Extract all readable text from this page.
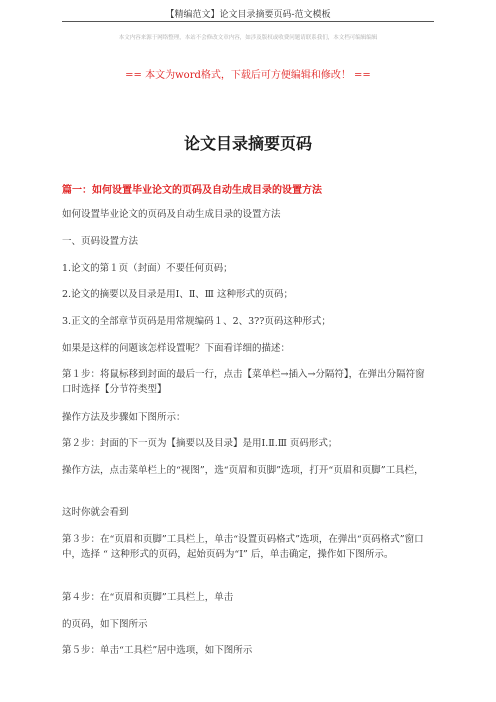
【精编范文】论文目录摘要页码-范文模板
本文内容来源于网络整理，本站不会修改文章内容，如涉及版权或收费问题请联系我们，本文档可编辑编辑
== 本文为word格式，下载后可方便编辑和修改！ ==
论文目录摘要页码
篇一：如何设置毕业论文的页码及自动生成目录的设置方法
如何设置毕业论文的页码及自动生成目录的设置方法
一、页码设置方法
1.论文的第１页（封面）不要任何页码；
2.论文的摘要以及目录是用Ⅰ、Ⅱ、Ⅲ 这种形式的页码；
3.正文的全部章节页码是用常规编码１、2、3??页码这种形式；
如果是这样的问题该怎样设置呢？下面看详细的描述：
第１步：将鼠标移到封面的最后一行，点击【菜单栏→插入→分隔符】，在弹出分隔符窗口时选择【分节符类型】
操作方法及步骤如下图所示：
第２步：封面的下一页为【摘要以及目录】是用Ⅰ.Ⅱ.Ⅲ 页码形式；
操作方法，点击菜单栏上的“视图”，选“页眉和页脚”选项，打开“页眉和页脚”工具栏，
这时你就会看到
第３步：在“页眉和页脚”工具栏上，单击“设置页码格式”选项，在弹出“页码格式”窗口中，选择 “ 这种形式的页码，起始页码为“Ⅰ” 后，单击确定，操作如下图所示。
第４步：在“页眉和页脚”工具栏上，单击
的页码，如下图所示
第５步：单击“工具栏”居中选项，如下图所示
